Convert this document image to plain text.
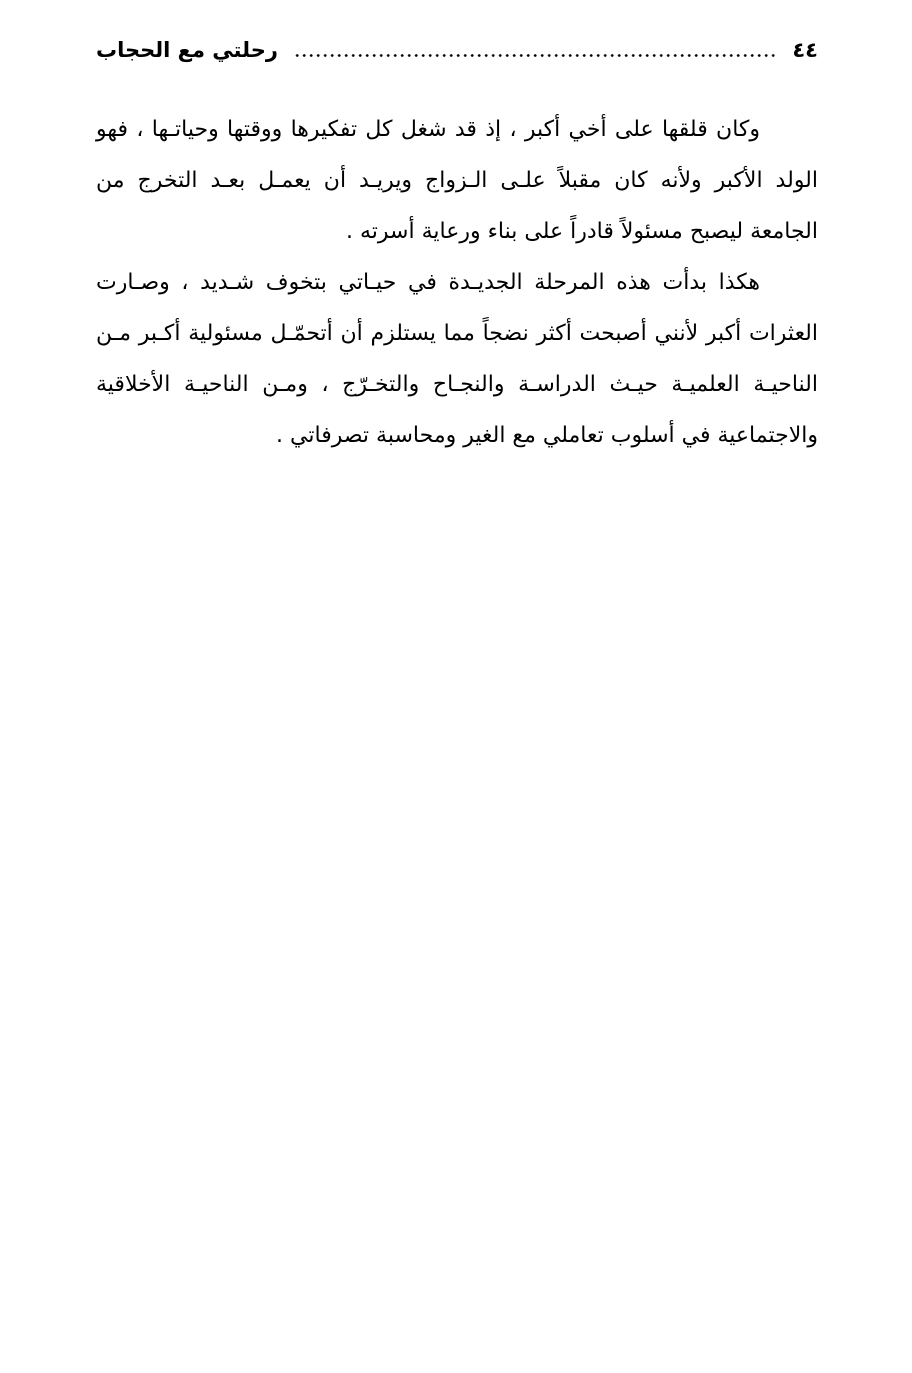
٤٤
رحلتي مع الحجاب

وكان قلقها على أخي أكبر ، إذ قد شغل كل تفكيرها ووقتها وحياتـها ، فهو الولد الأكبر ولأنه كان مقبلاً علـى الـزواج ويريـد أن يعمـل بعـد التخرج من الجامعة ليصبح مسئولاً قادراً على بناء ورعاية أسرته .

هكذا بدأت هذه المرحلة الجديـدة في حيـاتي بتخوف شـديد ، وصـارت العثرات أكبر لأنني أصبحت أكثر نضجاً مما يستلزم أن أتحمّـل مسئولية أكـبر مـن الناحيـة العلميـة حيـث الدراسـة والنجـاح والتخـرّج ، ومـن الناحيـة الأخلاقية والاجتماعية في أسلوب تعاملي مع الغير ومحاسبة تصرفاتي .
